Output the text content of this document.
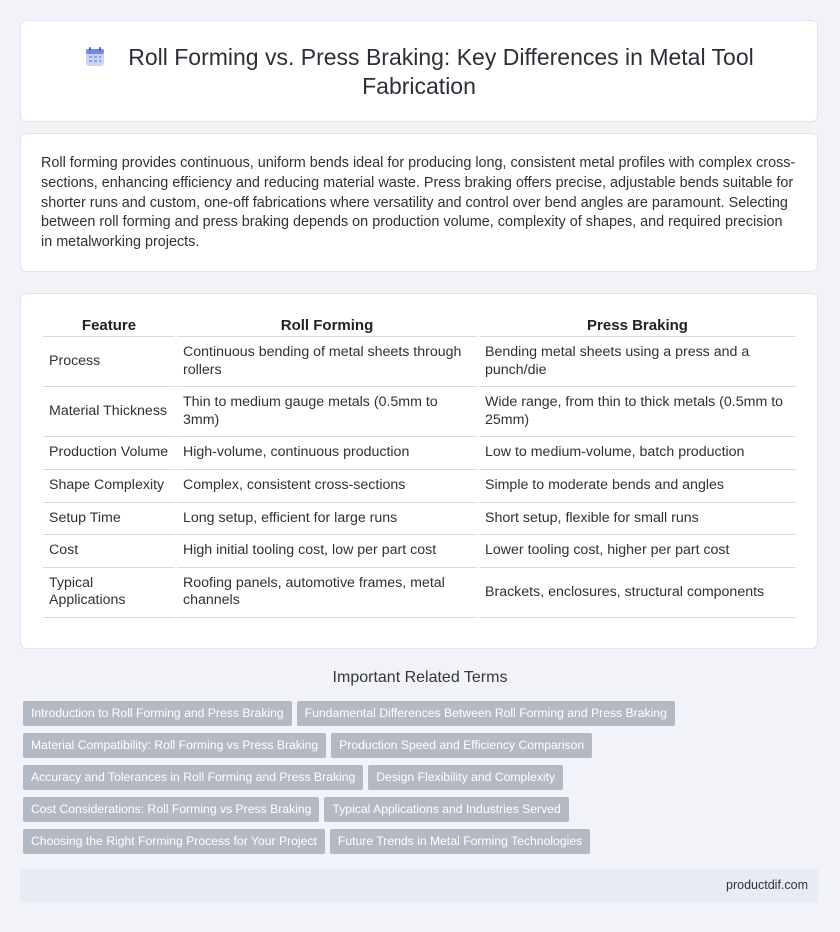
Roll Forming vs. Press Braking: Key Differences in Metal Tool
Fabrication
Roll forming provides continuous, uniform bends ideal for producing long, consistent metal profiles with complex cross-sections, enhancing efficiency and reducing material waste. Press braking offers precise, adjustable bends suitable for shorter runs and custom, one-off fabrications where versatility and control over bend angles are paramount. Selecting between roll forming and press braking depends on production volume, complexity of shapes, and required precision in metalworking projects.
Feature	Roll Forming	Press Braking
Process	Continuous bending of metal sheets through rollers	Bending metal sheets using a press and a punch/die
Material Thickness	Thin to medium gauge metals (0.5mm to 3mm)	Wide range, from thin to thick metals (0.5mm to 25mm)
Production Volume	High-volume, continuous production	Low to medium-volume, batch production
Shape Complexity	Complex, consistent cross-sections	Simple to moderate bends and angles
Setup Time	Long setup, efficient for large runs	Short setup, flexible for small runs
Cost	High initial tooling cost, low per part cost	Lower tooling cost, higher per part cost
Typical Applications	Roofing panels, automotive frames, metal channels	Brackets, enclosures, structural components
Important Related Terms
Introduction to Roll Forming and Press Braking Fundamental Differences Between Roll Forming and Press Braking
Material Compatibility: Roll Forming vs Press Braking Production Speed and Efficiency Comparison
Accuracy and Tolerances in Roll Forming and Press Braking Design Flexibility and Complexity
Cost Considerations: Roll Forming vs Press Braking Typical Applications and Industries Served
Choosing the Right Forming Process for Your Project Future Trends in Metal Forming Technologies
productdif.com
